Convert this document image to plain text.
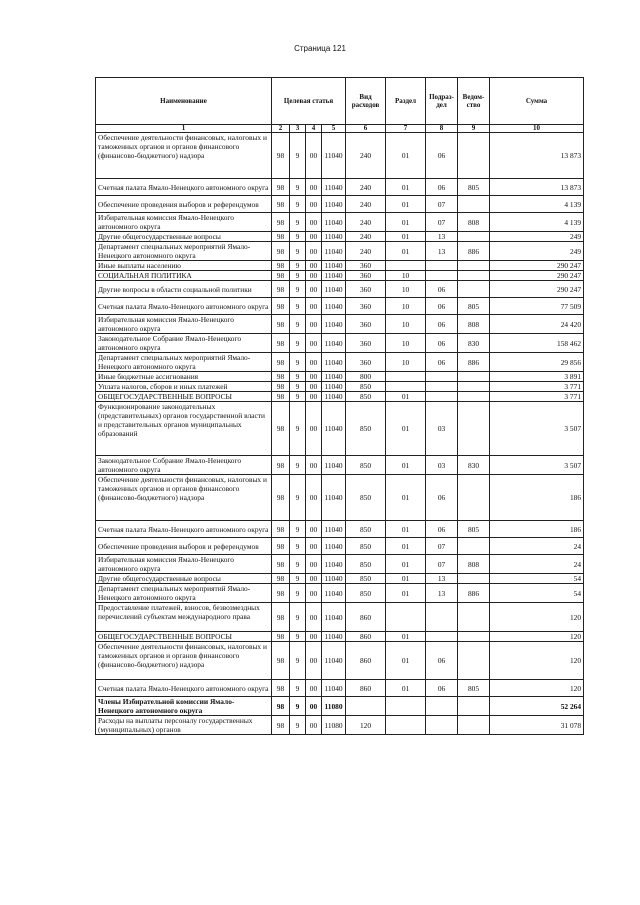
Страница 121
Наименование	Целевая статья				Вид расходов	Раздел	Подраз-дел	Ведом-ство	Сумма
1	2	3	4	5	6	7	8	9	10
Обеспечение деятельности финансовых, налоговых и таможенных органов и органов финансового (финансово-бюджетного) надзора	98	9	00	11040	240	01	06		13 873
Счетная палата Ямало-Ненецкого автономного округа	98	9	00	11040	240	01	06	805	13 873
Обеспечение проведения выборов и референдумов	98	9	00	11040	240	01	07		4 139
Избирательная комиссия Ямало-Ненецкого автономного округа	98	9	00	11040	240	01	07	808	4 139
Другие общегосударственные вопросы	98	9	00	11040	240	01	13		249
Департамент специальных мероприятий Ямало-Ненецкого автономного округа	98	9	00	11040	240	01	13	886	249
Иные выплаты населению	98	9	00	11040	360				290 247
СОЦИАЛЬНАЯ ПОЛИТИКА	98	9	00	11040	360	10			290 247
Другие вопросы в области социальной политики	98	9	00	11040	360	10	06		290 247
Счетная палата Ямало-Ненецкого автономного округа	98	9	00	11040	360	10	06	805	77 509
Избирательная комиссия Ямало-Ненецкого автономного округа	98	9	00	11040	360	10	06	808	24 420
Законодательное Собрание Ямало-Ненецкого автономного округа	98	9	00	11040	360	10	06	830	158 462
Департамент специальных мероприятий Ямало-Ненецкого автономного округа	98	9	00	11040	360	10	06	886	29 856
Иные бюджетные ассигнования	98	9	00	11040	800				3 891
Уплата налогов, сборов и иных платежей	98	9	00	11040	850				3 771
ОБЩЕГОСУДАРСТВЕННЫЕ ВОПРОСЫ	98	9	00	11040	850	01			3 771
Функционирование законодательных (представительных) органов государственной власти и представительных органов муниципальных образований	98	9	00	11040	850	01	03		3 507
Законодательное Собрание Ямало-Ненецкого автономного округа	98	9	00	11040	850	01	03	830	3 507
Обеспечение деятельности финансовых, налоговых и таможенных органов и органов финансового (финансово-бюджетного) надзора	98	9	00	11040	850	01	06		186
Счетная палата Ямало-Ненецкого автономного округа	98	9	00	11040	850	01	06	805	186
Обеспечение проведения выборов и референдумов	98	9	00	11040	850	01	07		24
Избирательная комиссия Ямало-Ненецкого автономного округа	98	9	00	11040	850	01	07	808	24
Другие общегосударственные вопросы	98	9	00	11040	850	01	13		54
Департамент специальных мероприятий Ямало-Ненецкого автономного округа	98	9	00	11040	850	01	13	886	54
Предоставление платежей, взносов, безвозмездных перечислений субъектам международного права	98	9	00	11040	860				120
ОБЩЕГОСУДАРСТВЕННЫЕ ВОПРОСЫ	98	9	00	11040	860	01			120
Обеспечение деятельности финансовых, налоговых и таможенных органов и органов финансового (финансово-бюджетного) надзора	98	9	00	11040	860	01	06		120
Счетная палата Ямало-Ненецкого автономного округа	98	9	00	11040	860	01	06	805	120
Члены Избирательной комиссии Ямало-Ненецкого автономного округа	98	9	00	11080					52 264
Расходы на выплаты персоналу государственных (муниципальных) органов	98	9	00	11080	120				31 078
